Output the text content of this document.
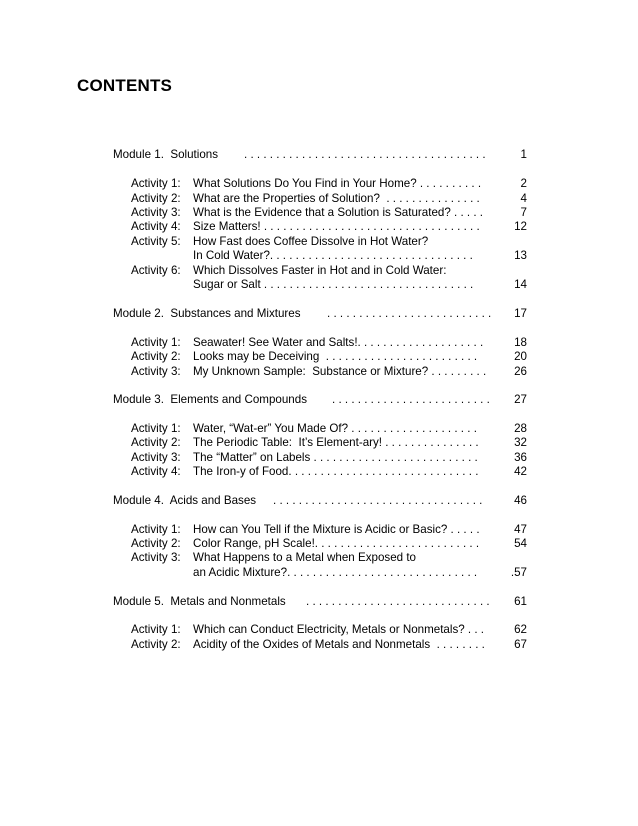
CONTENTS
Module 1.  Solutions . . . . . . . . . . . . . . . . . . . . . . . . . . . . . . . . . . . . . .	1
Activity 1: What Solutions Do You Find in Your Home? . . . . . . . . . .	2
Activity 2: What are the Properties of Solution?  . . . . . . . . . . . . . . .	4
Activity 3: What is the Evidence that a Solution is Saturated? . . . . .	7
Activity 4: Size Matters! . . . . . . . . . . . . . . . . . . . . . . . . . . . . . . . . . .	12
Activity 5: How Fast does Coffee Dissolve in Hot Water?
In Cold Water?. . . . . . . . . . . . . . . . . . . . . . . . . . . . . . . .	13
Activity 6: Which Dissolves Faster in Hot and in Cold Water:
Sugar or Salt . . . . . . . . . . . . . . . . . . . . . . . . . . . . . . . . .	14
Module 2.  Substances and Mixtures . . . . . . . . . . . . . . . . . . . . . . . . . . 17
Activity 1: Seawater! See Water and Salts!. . . . . . . . . . . . . . . . . . . .	18
Activity 2: Looks may be Deceiving  . . . . . . . . . . . . . . . . . . . . . . . .	20
Activity 3: My Unknown Sample:  Substance or Mixture? . . . . . . . . . 26
Module 3.  Elements and Compounds . . . . . . . . . . . . . . . . . . . . . . . . . 27
Activity 1: Water, “Wat-er” You Made Of? . . . . . . . . . . . . . . . . . . . .	28
Activity 2: The Periodic Table:  It’s Element-ary! . . . . . . . . . . . . . . .	32
Activity 3: The “Matter” on Labels . . . . . . . . . . . . . . . . . . . . . . . . . .	36
Activity 4: The Iron-y of Food. . . . . . . . . . . . . . . . . . . . . . . . . . . . . .	42
Module 4.  Acids and Bases . . . . . . . . . . . . . . . . . . . . . . . . . . . . . . . . .	46
Activity 1: How can You Tell if the Mixture is Acidic or Basic? . . . . .	47
Activity 2: Color Range, pH Scale!. . . . . . . . . . . . . . . . . . . . . . . . . .	54
Activity 3: What Happens to a Metal when Exposed to
an Acidic Mixture?. . . . . . . . . . . . . . . . . . . . . . . . . . . . . .	.57
Module 5.  Metals and Nonmetals . . . . . . . . . . . . . . . . . . . . . . . . . . . . . 61
Activity 1: Which can Conduct Electricity, Metals or Nonmetals? . . .	62
Activity 2: Acidity of the Oxides of Metals and Nonmetals  . . . . . . . .	67
